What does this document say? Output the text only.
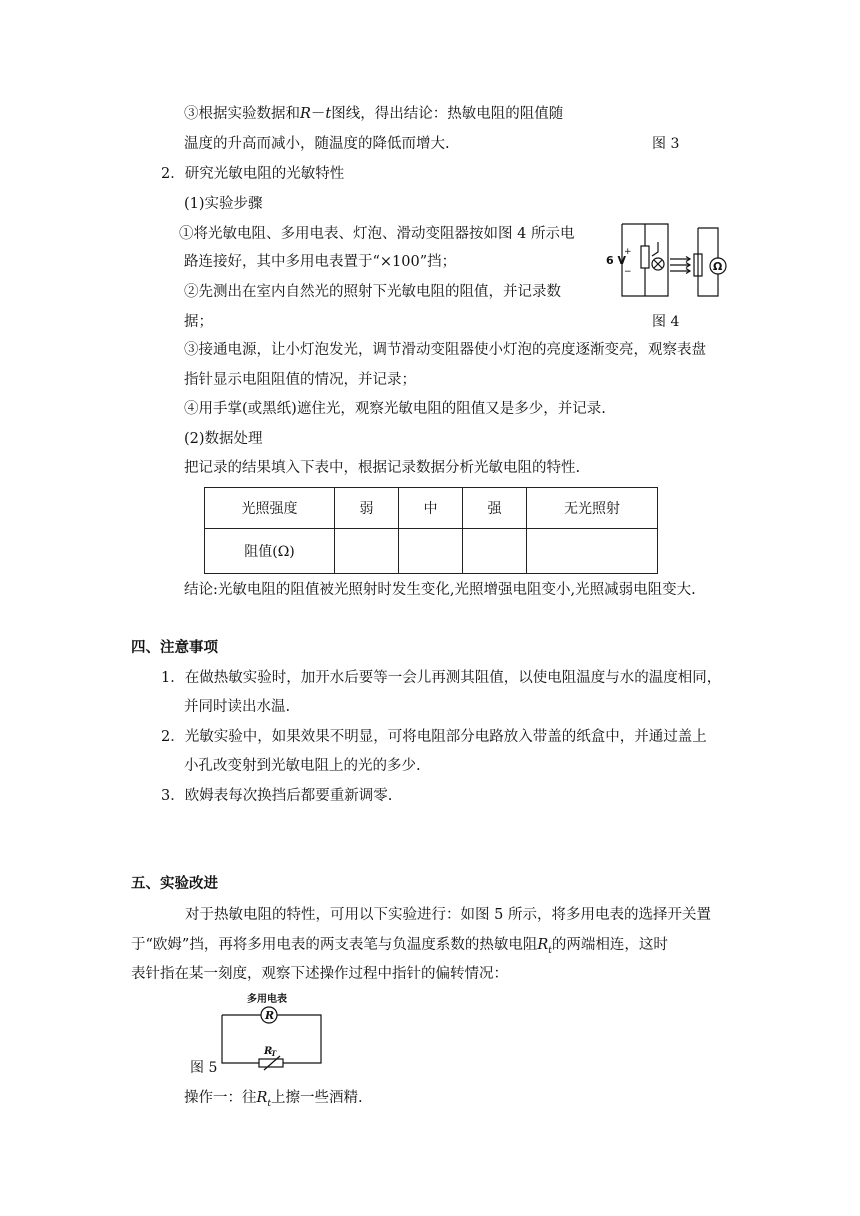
③根据实验数据和R－t图线，得出结论：热敏电阻的阻值随
温度的升高而减小，随温度的降低而增大.	图 3
2．研究光敏电阻的光敏特性
(1)实验步骤
①将光敏电阻、多用电表、灯泡、滑动变阻器按如图 4 所示电
路连接好，其中多用电表置于“×100”挡；
②先测出在室内自然光的照射下光敏电阻的阻值，并记录数
据；	图 4
6 V
+
−	Ω
③接通电源，让小灯泡发光，调节滑动变阻器使小灯泡的亮度逐渐变亮，观察表盘
指针显示电阻阻值的情况，并记录；
④用手掌(或黑纸)遮住光，观察光敏电阻的阻值又是多少，并记录.
(2)数据处理
把记录的结果填入下表中，根据记录数据分析光敏电阻的特性.
光照强度	弱	中	强	无光照射
阻值(Ω)				
结论:光敏电阻的阻值被光照射时发生变化,光照增强电阻变小,光照减弱电阻变大.
四、注意事项
1．在做热敏实验时，加开水后要等一会儿再测其阻值，以使电阻温度与水的温度相同，
并同时读出水温.
2．光敏实验中，如果效果不明显，可将电阻部分电路放入带盖的纸盒中，并通过盖上
小孔改变射到光敏电阻上的光的多少.
3．欧姆表每次换挡后都要重新调零.
五、实验改进
对于热敏电阻的特性，可用以下实验进行：如图 5 所示，将多用电表的选择开关置
于“欧姆”挡，再将多用电表的两支表笔与负温度系数的热敏电阻$R_t$的两端相连，这时
表针指在某一刻度，观察下述操作过程中指针的偏转情况：
多用电表
R
R
T
图 5
操作一：往$R_t$上擦一些酒精.
